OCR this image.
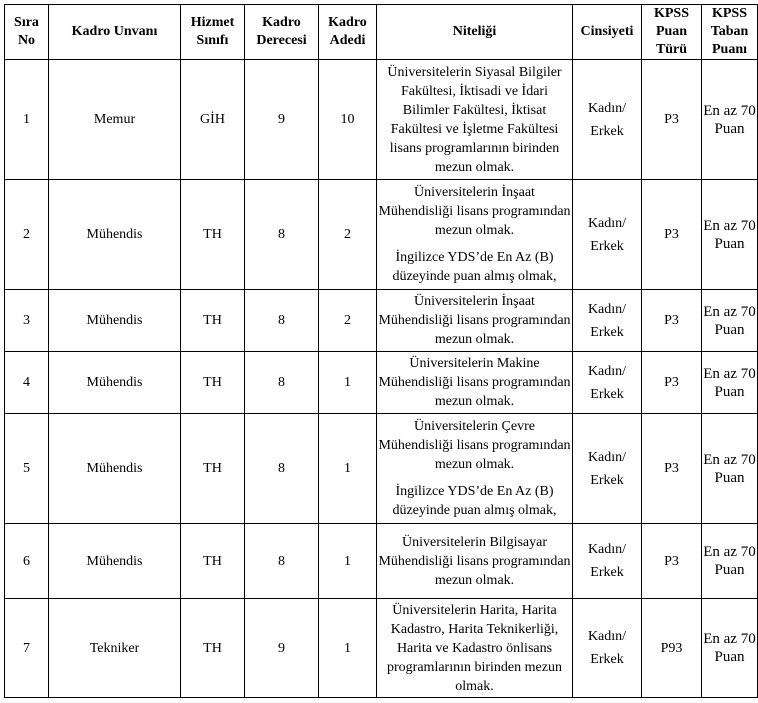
Sıra No	Kadro Unvanı	Hizmet Sınıfı	Kadro Derecesi	Kadro Adedi	Niteliği	Cinsiyeti	KPSS Puan Türü	KPSS Taban Puanı
1	Memur	GİH	9	10	Üniversitelerin Siyasal Bilgiler Fakültesi, İktisadi ve İdari Bilimler Fakültesi, İktisat Fakültesi ve İşletme Fakültesi lisans programlarının birinden mezun olmak.	Kadın/ Erkek	P3	En az 70 Puan
2	Mühendis	TH	8	2	Üniversitelerin İnşaat Mühendisliği lisans programından mezun olmak.

İngilizce YDS’de En Az (B) düzeyinde puan almış olmak,	Kadın/ Erkek	P3	En az 70 Puan
3	Mühendis	TH	8	2	Üniversitelerin İnşaat Mühendisliği lisans programından mezun olmak.	Kadın/ Erkek	P3	En az 70 Puan
4	Mühendis	TH	8	1	Üniversitelerin Makine Mühendisliği lisans programından mezun olmak.	Kadın/ Erkek	P3	En az 70 Puan
5	Mühendis	TH	8	1	Üniversitelerin Çevre Mühendisliği lisans programından mezun olmak.

İngilizce YDS’de En Az (B) düzeyinde puan almış olmak,	Kadın/ Erkek	P3	En az 70 Puan
6	Mühendis	TH	8	1	Üniversitelerin Bilgisayar Mühendisliği lisans programından mezun olmak.	Kadın/ Erkek	P3	En az 70 Puan
7	Tekniker	TH	9	1	Üniversitelerin Harita, Harita Kadastro, Harita Teknikerliği, Harita ve Kadastro önlisans programlarının birinden mezun olmak.	Kadın/ Erkek	P93	En az 70 Puan
